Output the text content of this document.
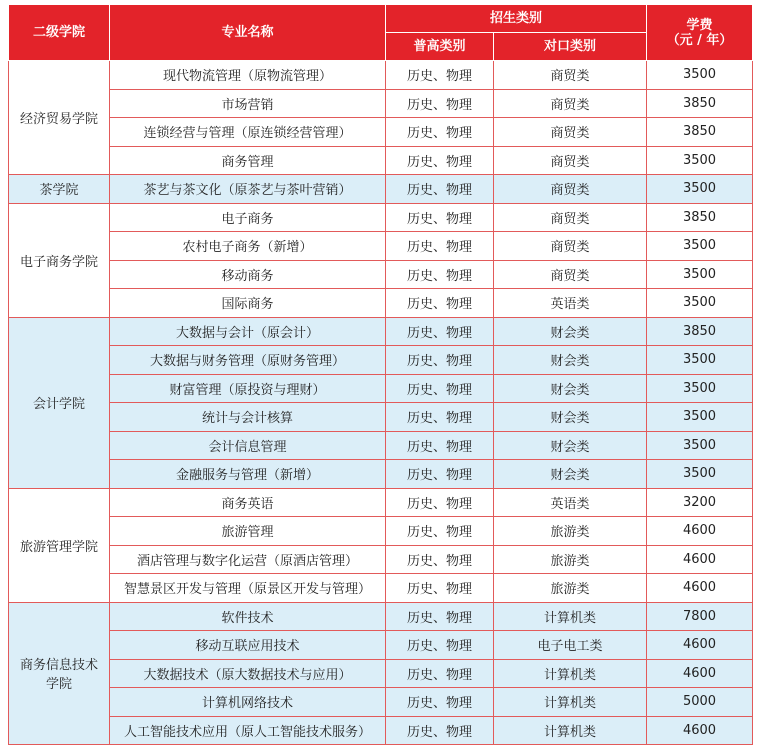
二级学院	专业名称	招生类别		学费
（元 / 年）
		普高类别	对口类别	
经济贸易学院	现代物流管理（原物流管理）	历史、物理	商贸类	3500
	市场营销	历史、物理	商贸类	3850
	连锁经营与管理（原连锁经营管理）	历史、物理	商贸类	3850
	商务管理	历史、物理	商贸类	3500
茶学院	茶艺与茶文化（原茶艺与茶叶营销）	历史、物理	商贸类	3500
电子商务学院	电子商务	历史、物理	商贸类	3850
	农村电子商务（新增）	历史、物理	商贸类	3500
	移动商务	历史、物理	商贸类	3500
	国际商务	历史、物理	英语类	3500
会计学院	大数据与会计（原会计）	历史、物理	财会类	3850
	大数据与财务管理（原财务管理）	历史、物理	财会类	3500
	财富管理（原投资与理财）	历史、物理	财会类	3500
	统计与会计核算	历史、物理	财会类	3500
	会计信息管理	历史、物理	财会类	3500
	金融服务与管理（新增）	历史、物理	财会类	3500
旅游管理学院	商务英语	历史、物理	英语类	3200
	旅游管理	历史、物理	旅游类	4600
	酒店管理与数字化运营（原酒店管理）	历史、物理	旅游类	4600
	智慧景区开发与管理（原景区开发与管理）	历史、物理	旅游类	4600
商务信息技术
学院	软件技术	历史、物理	计算机类	7800
	移动互联应用技术	历史、物理	电子电工类	4600
	大数据技术（原大数据技术与应用）	历史、物理	计算机类	4600
	计算机网络技术	历史、物理	计算机类	5000
	人工智能技术应用（原人工智能技术服务）	历史、物理	计算机类	4600
